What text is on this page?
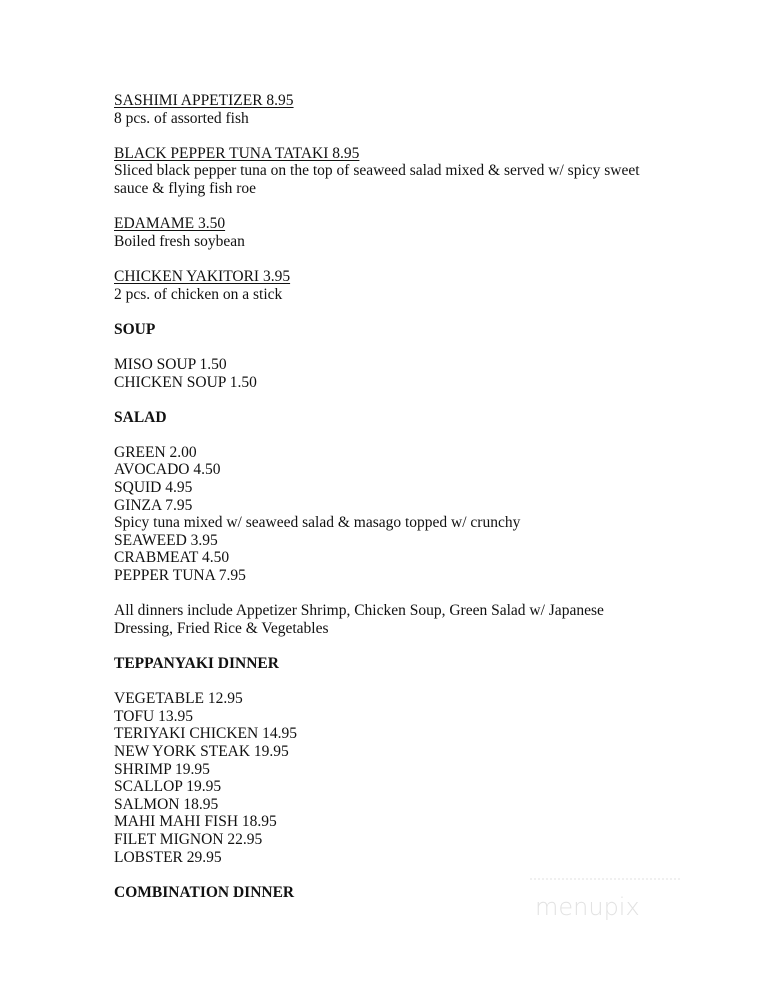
SASHIMI APPETIZER 8.95
8 pcs. of assorted fish
BLACK PEPPER TUNA TATAKI 8.95
Sliced black pepper tuna on the top of seaweed salad mixed & served w/ spicy sweet
sauce & flying fish roe
EDAMAME 3.50
Boiled fresh soybean
CHICKEN YAKITORI 3.95
2 pcs. of chicken on a stick
SOUP
MISO SOUP 1.50
CHICKEN SOUP 1.50
SALAD
GREEN 2.00
AVOCADO 4.50
SQUID 4.95
GINZA 7.95
Spicy tuna mixed w/ seaweed salad & masago topped w/ crunchy
SEAWEED 3.95
CRABMEAT 4.50
PEPPER TUNA 7.95
All dinners include Appetizer Shrimp, Chicken Soup, Green Salad w/ Japanese
Dressing, Fried Rice & Vegetables
TEPPANYAKI DINNER
VEGETABLE 12.95
TOFU 13.95
TERIYAKI CHICKEN 14.95
NEW YORK STEAK 19.95
SHRIMP 19.95
SCALLOP 19.95
SALMON 18.95
MAHI MAHI FISH 18.95
FILET MIGNON 22.95
LOBSTER 29.95
COMBINATION DINNER
menupix
